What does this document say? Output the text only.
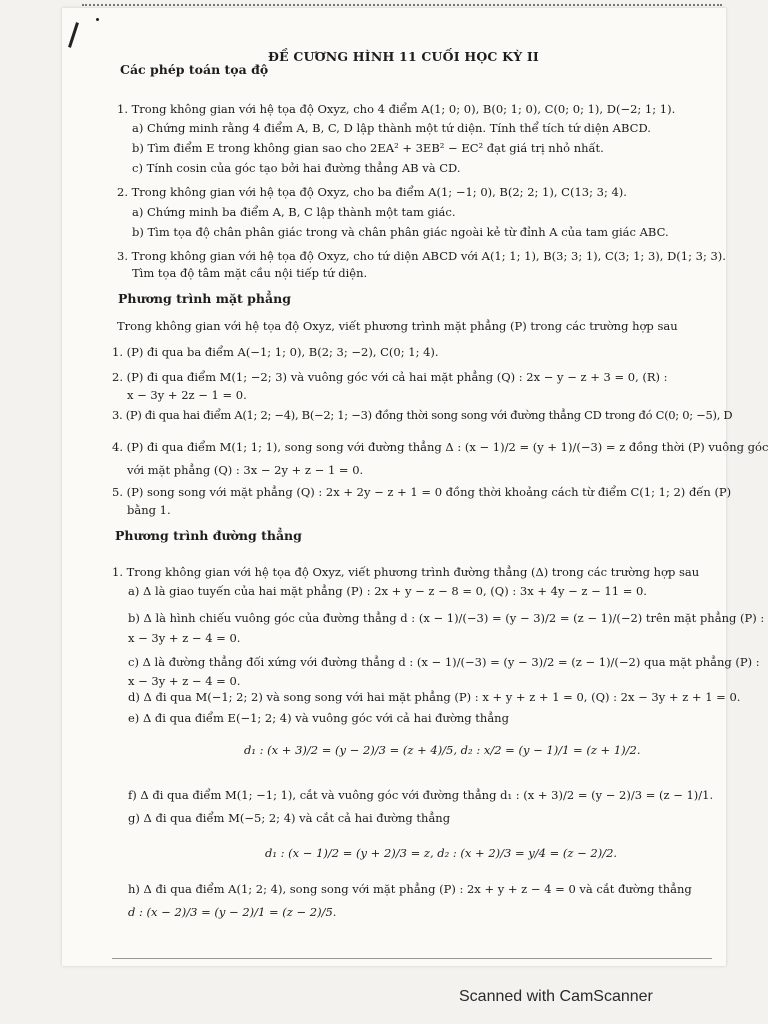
ĐỀ CƯƠNG HÌNH 11 CUỐI HỌC KỲ II
Các phép toán tọa độ
1. Trong không gian với hệ tọa độ Oxyz, cho 4 điểm A(1; 0; 0), B(0; 1; 0), C(0; 0; 1), D(−2; 1; 1).
a) Chứng minh rằng 4 điểm A, B, C, D lập thành một tứ diện. Tính thể tích tứ diện ABCD.
b) Tìm điểm E trong không gian sao cho 2EA² + 3EB² − EC² đạt giá trị nhỏ nhất.
c) Tính cosin của góc tạo bởi hai đường thẳng AB và CD.
2. Trong không gian với hệ tọa độ Oxyz, cho ba điểm A(1; −1; 0), B(2; 2; 1), C(13; 3; 4).
a) Chứng minh ba điểm A, B, C lập thành một tam giác.
b) Tìm tọa độ chân phân giác trong và chân phân giác ngoài kẻ từ đỉnh A của tam giác ABC.
3. Trong không gian với hệ tọa độ Oxyz, cho tứ diện ABCD với A(1; 1; 1), B(3; 3; 1), C(3; 1; 3), D(1; 3; 3).
Tìm tọa độ tâm mặt cầu nội tiếp tứ diện.
Phương trình mặt phẳng
Trong không gian với hệ tọa độ Oxyz, viết phương trình mặt phẳng (P) trong các trường hợp sau
1. (P) đi qua ba điểm A(−1; 1; 0), B(2; 3; −2), C(0; 1; 4).
2. (P) đi qua điểm M(1; −2; 3) và vuông góc với cả hai mặt phẳng (Q) : 2x − y − z + 3 = 0, (R) :
x − 3y + 2z − 1 = 0.
3. (P) đi qua hai điểm A(1; 2; −4), B(−2; 1; −3) đồng thời song song với đường thẳng CD trong đó C(0; 0; −5), D
4. (P) đi qua điểm M(1; 1; 1), song song với đường thẳng Δ : (x − 1)/2 = (y + 1)/(−3) = z đồng thời (P) vuông góc
với mặt phẳng (Q) : 3x − 2y + z − 1 = 0.
5. (P) song song với mặt phẳng (Q) : 2x + 2y − z + 1 = 0 đồng thời khoảng cách từ điểm C(1; 1; 2) đến (P)
bằng 1.
Phương trình đường thẳng
1. Trong không gian với hệ tọa độ Oxyz, viết phương trình đường thẳng (Δ) trong các trường hợp sau
a) Δ là giao tuyến của hai mặt phẳng (P) : 2x + y − z − 8 = 0, (Q) : 3x + 4y − z − 11 = 0.
b) Δ là hình chiếu vuông góc của đường thẳng d : (x − 1)/(−3) = (y − 3)/2 = (z − 1)/(−2) trên mặt phẳng (P) :
x − 3y + z − 4 = 0.
c) Δ là đường thẳng đối xứng với đường thẳng d : (x − 1)/(−3) = (y − 3)/2 = (z − 1)/(−2) qua mặt phẳng (P) :
x − 3y + z − 4 = 0.
d) Δ đi qua M(−1; 2; 2) và song song với hai mặt phẳng (P) : x + y + z + 1 = 0, (Q) : 2x − 3y + z + 1 = 0.
e) Δ đi qua điểm E(−1; 2; 4) và vuông góc với cả hai đường thẳng
d₁ : (x + 3)/2 = (y − 2)/3 = (z + 4)/5, d₂ : x/2 = (y − 1)/1 = (z + 1)/2.
f) Δ đi qua điểm M(1; −1; 1), cắt và vuông góc với đường thẳng d₁ : (x + 3)/2 = (y − 2)/3 = (z − 1)/1.
g) Δ đi qua điểm M(−5; 2; 4) và cắt cả hai đường thẳng
d₁ : (x − 1)/2 = (y + 2)/3 = z, d₂ : (x + 2)/3 = y/4 = (z − 2)/2.
h) Δ đi qua điểm A(1; 2; 4), song song với mặt phẳng (P) : 2x + y + z − 4 = 0 và cắt đường thẳng
d : (x − 2)/3 = (y − 2)/1 = (z − 2)/5.
Scanned with CamScanner
